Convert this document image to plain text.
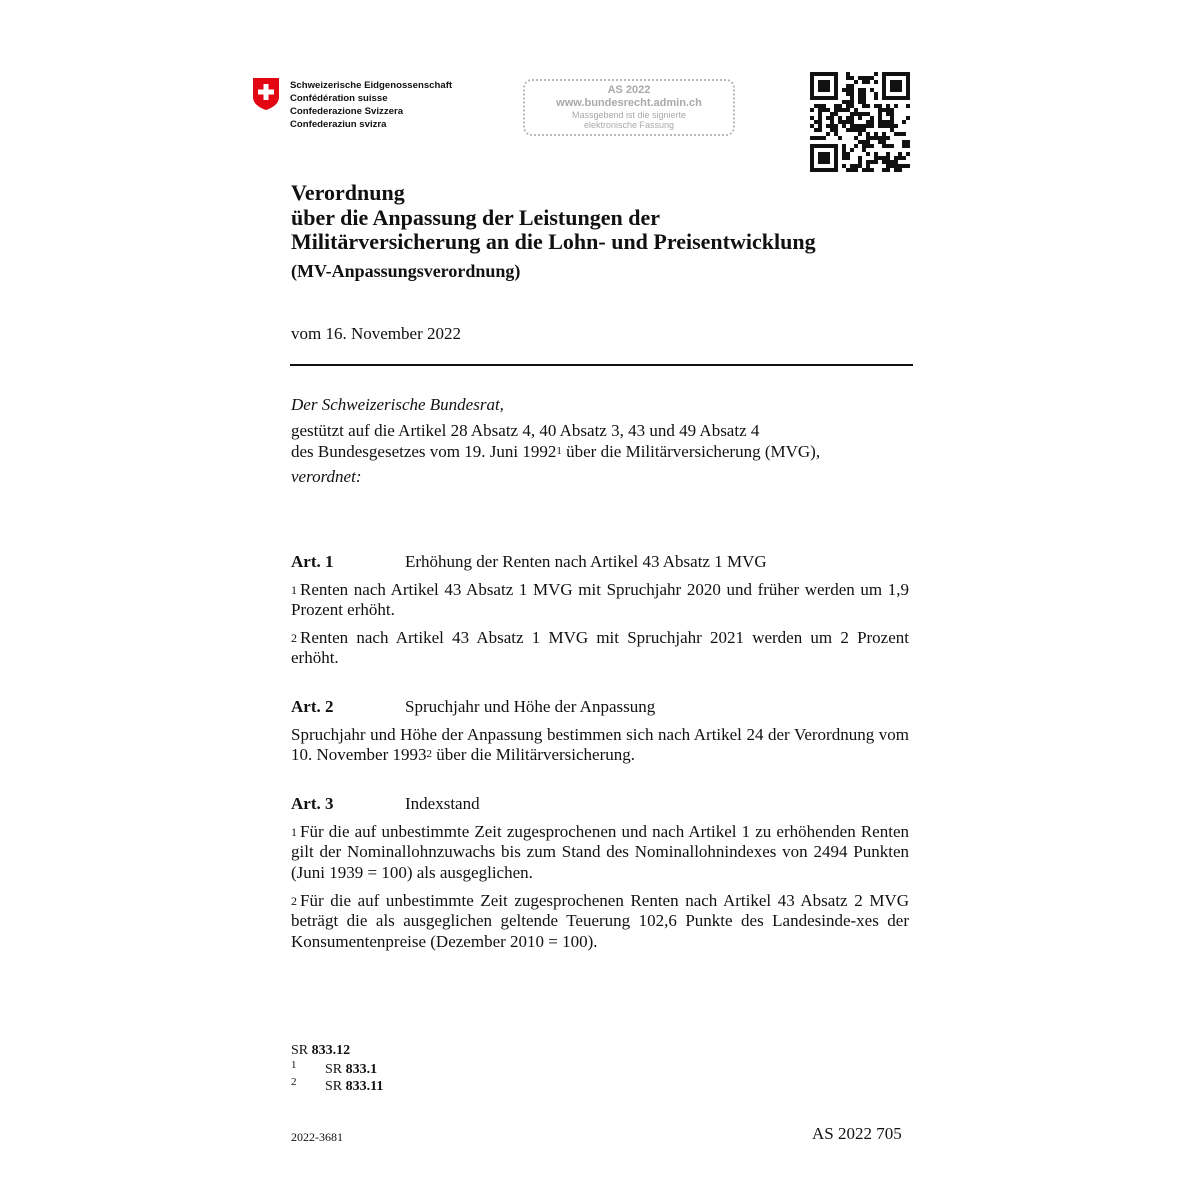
Schweizerische Eidgenossenschaft
Confédération suisse
Confederazione Svizzera
Confederaziun svizra
AS 2022
www.bundesrecht.admin.ch
Massgebend ist die signierte
elektronische Fassung
Verordnung
über die Anpassung der Leistungen der
Militärversicherung an die Lohn- und Preisentwicklung
(MV-Anpassungsverordnung)
vom 16. November 2022
Der Schweizerische Bundesrat,
gestützt auf die Artikel 28 Absatz 4, 40 Absatz 3, 43 und 49 Absatz 4
des Bundesgesetzes vom 19. Juni 1992$^1$ über die Militärversicherung (MVG),
verordnet:
Art. 1	Erhöhung der Renten nach Artikel 43 Absatz 1 MVG
$^1$ Renten nach Artikel 43 Absatz 1 MVG mit Spruchjahr 2020 und früher werden um 1,9 Prozent erhöht.
$^2$ Renten nach Artikel 43 Absatz 1 MVG mit Spruchjahr 2021 werden um 2 Prozent erhöht.
Art. 2	Spruchjahr und Höhe der Anpassung
Spruchjahr und Höhe der Anpassung bestimmen sich nach Artikel 24 der Verordnung vom 10. November 1993$^2$ über die Militärversicherung.
Art. 3	Indexstand
$^1$ Für die auf unbestimmte Zeit zugesprochenen und nach Artikel 1 zu erhöhenden Renten gilt der Nominallohnzuwachs bis zum Stand des Nominallohnindexes von 2494 Punkten (Juni 1939 = 100) als ausgeglichen.
$^2$ Für die auf unbestimmte Zeit zugesprochenen Renten nach Artikel 43 Absatz 2 MVG beträgt die als ausgeglichen geltende Teuerung 102,6 Punkte des Landesinde-xes der Konsumentenpreise (Dezember 2010 = 100).
SR 833.12
1 SR 833.1
2 SR 833.11
2022-3681	AS 2022 705
